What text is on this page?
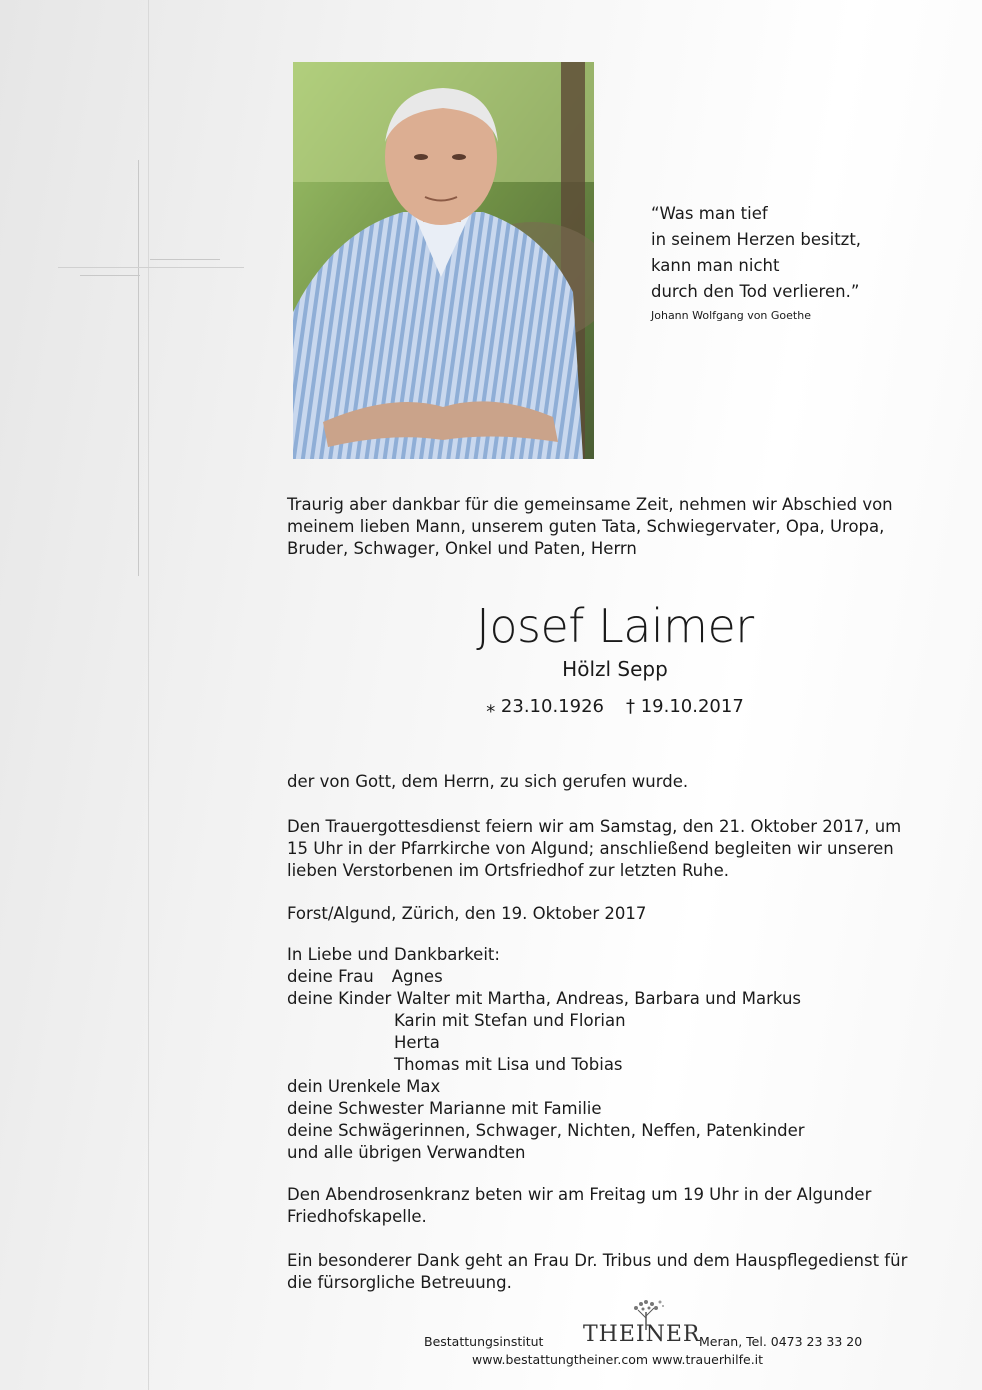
“Was man tief
in seinem Herzen besitzt,
kann man nicht
durch den Tod verlieren.”
Johann Wolfgang von Goethe
Traurig aber dankbar für die gemeinsame Zeit, nehmen wir Abschied von meinem lieben Mann, unserem guten Tata, Schwiegervater, Opa, Uropa, Bruder, Schwager, Onkel und Paten, Herrn
Josef Laimer
Hölzl Sepp
⁎ 23.10.1926 † 19.10.2017
der von Gott, dem Herrn, zu sich gerufen wurde.
Den Trauergottesdienst feiern wir am Samstag, den 21. Oktober 2017, um 15 Uhr in der Pfarrkirche von Algund; anschließend begleiten wir unseren lieben Verstorbenen im Ortsfriedhof zur letzten Ruhe.
Forst/Algund, Zürich, den 19. Oktober 2017
In Liebe und Dankbarkeit:
deine Frau Agnes
deine Kinder Walter mit Martha, Andreas, Barbara und Markus
Karin mit Stefan und Florian
Herta
Thomas mit Lisa und Tobias
dein Urenkele Max
deine Schwester Marianne mit Familie
deine Schwägerinnen, Schwager, Nichten, Neffen, Patenkinder
und alle übrigen Verwandten
Den Abendrosenkranz beten wir am Freitag um 19 Uhr in der Algunder Friedhofskapelle.
Ein besonderer Dank geht an Frau Dr. Tribus und dem Hauspflegedienst für die fürsorgliche Betreuung.
Bestattungsinstitut THEINER
Meran, Tel. 0473 23 33 20
www.bestattungtheiner.com www.trauerhilfe.it
